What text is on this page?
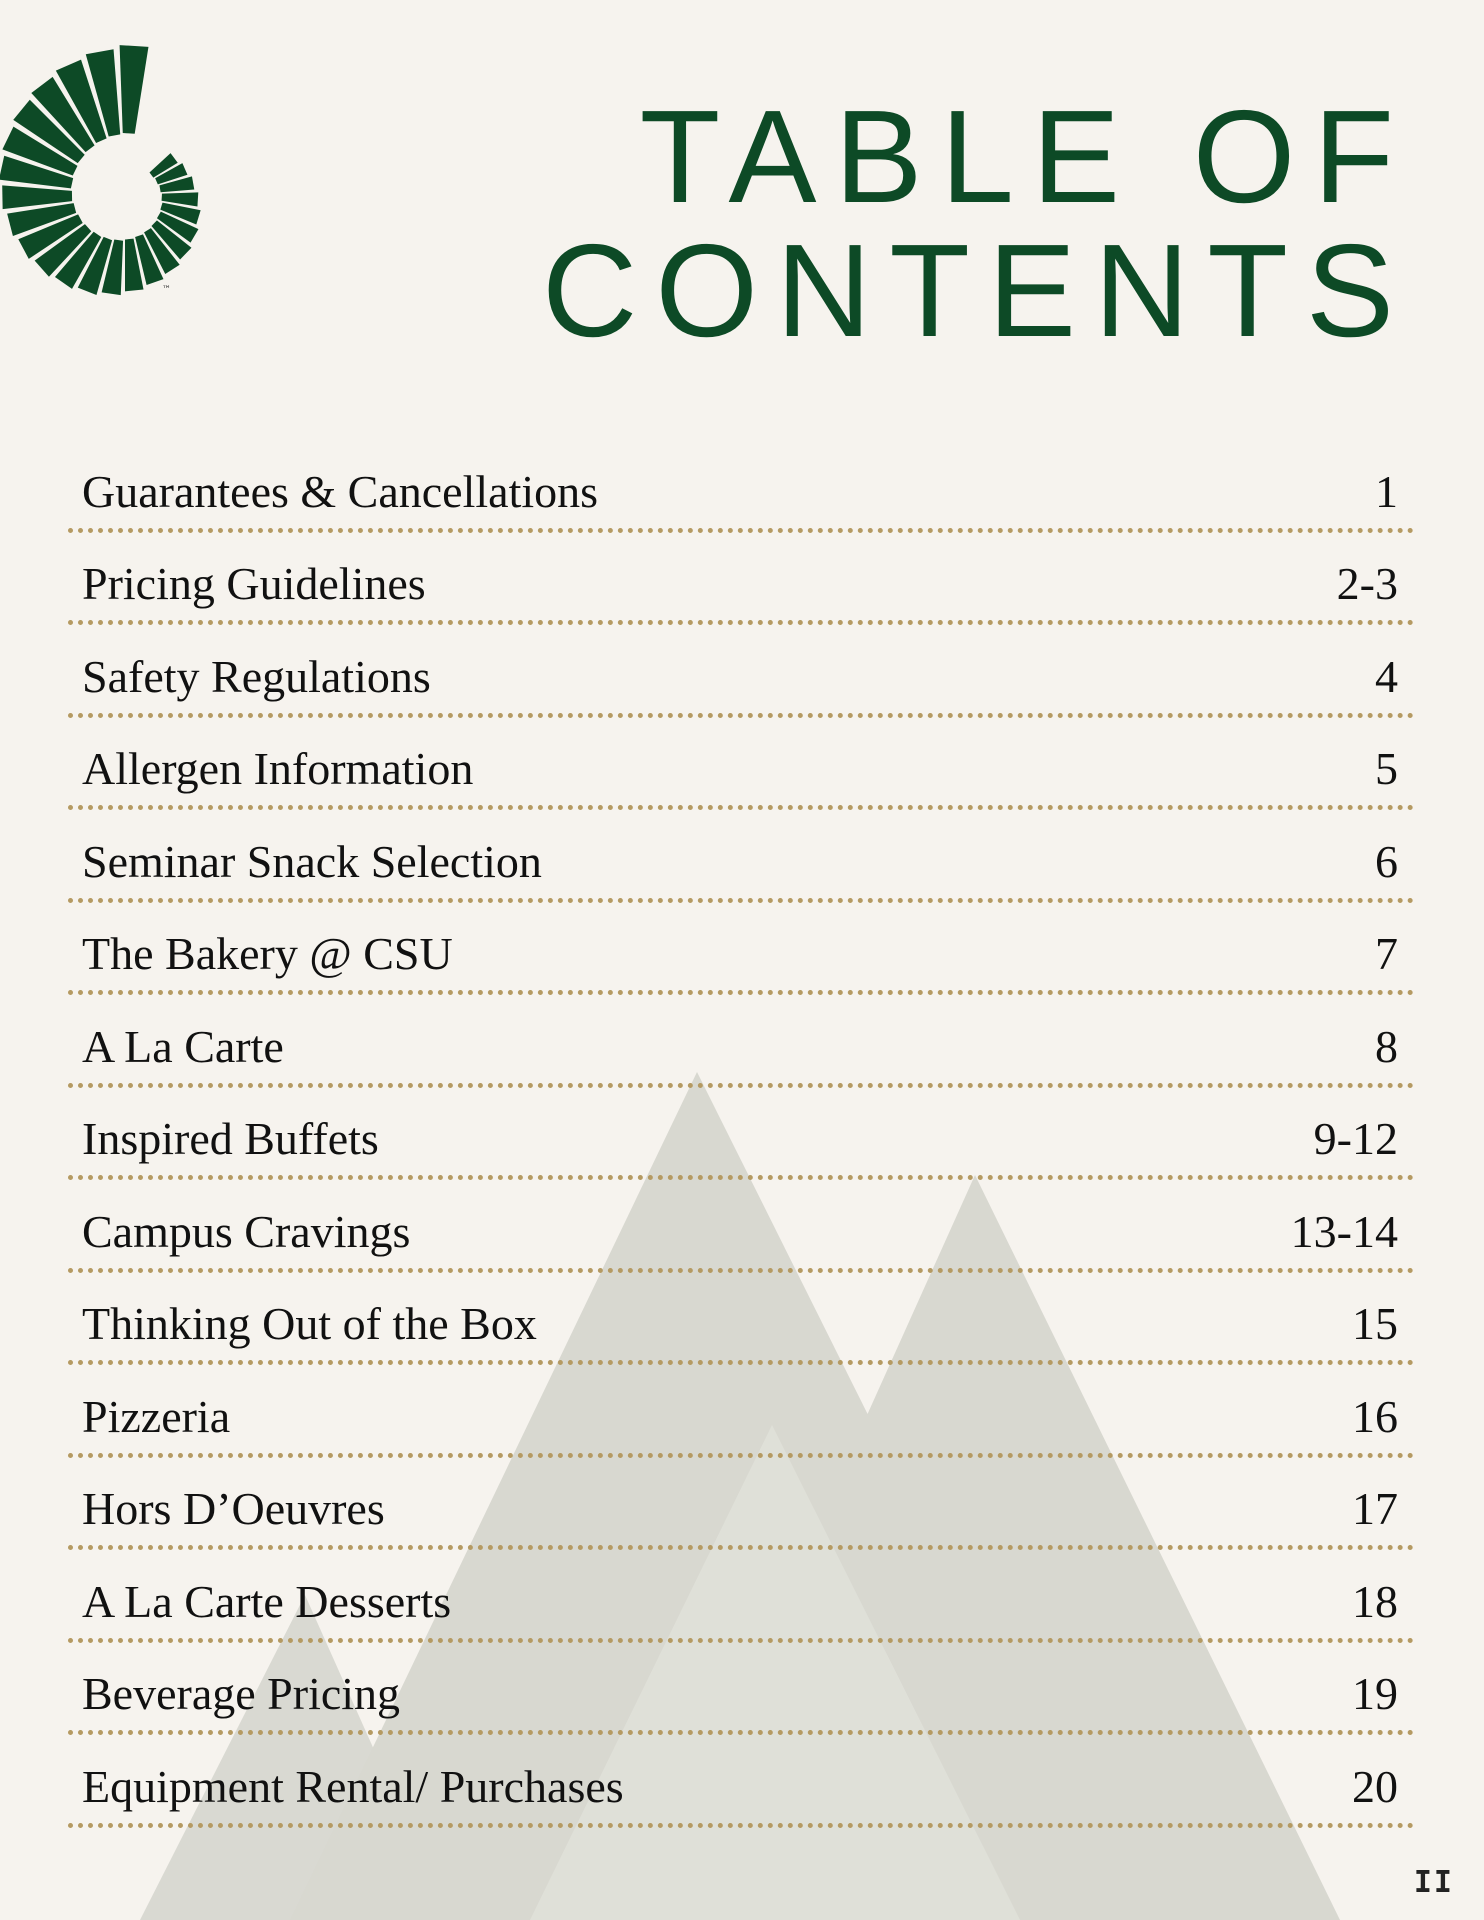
™
TABLE OF
CONTENTS
Guarantees & Cancellations	1
Pricing Guidelines	2-3
Safety Regulations	4
Allergen Information	5
Seminar Snack Selection	6
The Bakery @ CSU	7
A La Carte	8
Inspired Buffets	9-12
Campus Cravings	13-14
Thinking Out of the Box	15
Pizzeria	16
Hors D’Oeuvres	17
A La Carte Desserts	18
Beverage Pricing	19
Equipment Rental/ Purchases	20
II
